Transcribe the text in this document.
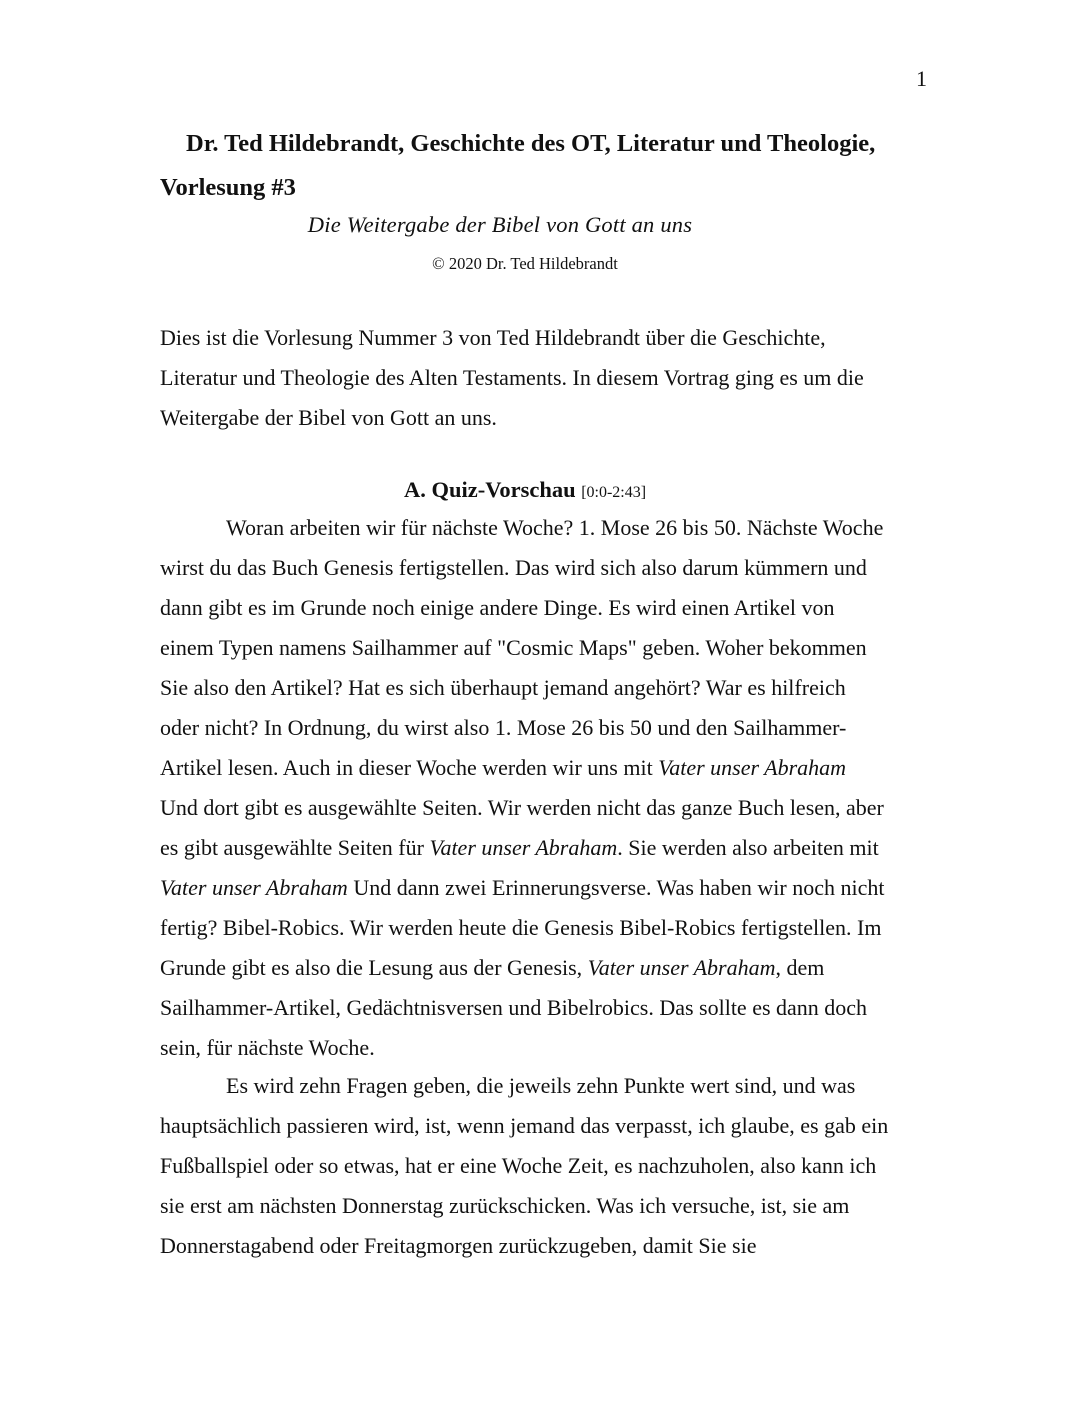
1
Dr. Ted Hildebrandt, Geschichte des OT, Literatur und Theologie,
Vorlesung #3
Die Weitergabe der Bibel von Gott an uns
© 2020 Dr. Ted Hildebrandt
Dies ist die Vorlesung Nummer 3 von Ted Hildebrandt über die Geschichte,
Literatur und Theologie des Alten Testaments. In diesem Vortrag ging es um die
Weitergabe der Bibel von Gott an uns.
A. Quiz-Vorschau [0:0-2:43]
Woran arbeiten wir für nächste Woche? 1. Mose 26 bis 50. Nächste Woche
wirst du das Buch Genesis fertigstellen. Das wird sich also darum kümmern und
dann gibt es im Grunde noch einige andere Dinge. Es wird einen Artikel von
einem Typen namens Sailhammer auf "Cosmic Maps" geben. Woher bekommen
Sie also den Artikel? Hat es sich überhaupt jemand angehört? War es hilfreich
oder nicht? In Ordnung, du wirst also 1. Mose 26 bis 50 und den Sailhammer-
Artikel lesen. Auch in dieser Woche werden wir uns mit Vater unser Abraham
Und dort gibt es ausgewählte Seiten. Wir werden nicht das ganze Buch lesen, aber
es gibt ausgewählte Seiten für Vater unser Abraham. Sie werden also arbeiten mit
Vater unser Abraham Und dann zwei Erinnerungsverse. Was haben wir noch nicht
fertig? Bibel-Robics. Wir werden heute die Genesis Bibel-Robics fertigstellen. Im
Grunde gibt es also die Lesung aus der Genesis, Vater unser Abraham, dem
Sailhammer-Artikel, Gedächtnisversen und Bibelrobics. Das sollte es dann doch
sein, für nächste Woche.
Es wird zehn Fragen geben, die jeweils zehn Punkte wert sind, und was
hauptsächlich passieren wird, ist, wenn jemand das verpasst, ich glaube, es gab ein
Fußballspiel oder so etwas, hat er eine Woche Zeit, es nachzuholen, also kann ich
sie erst am nächsten Donnerstag zurückschicken. Was ich versuche, ist, sie am
Donnerstagabend oder Freitagmorgen zurückzugeben, damit Sie sie
